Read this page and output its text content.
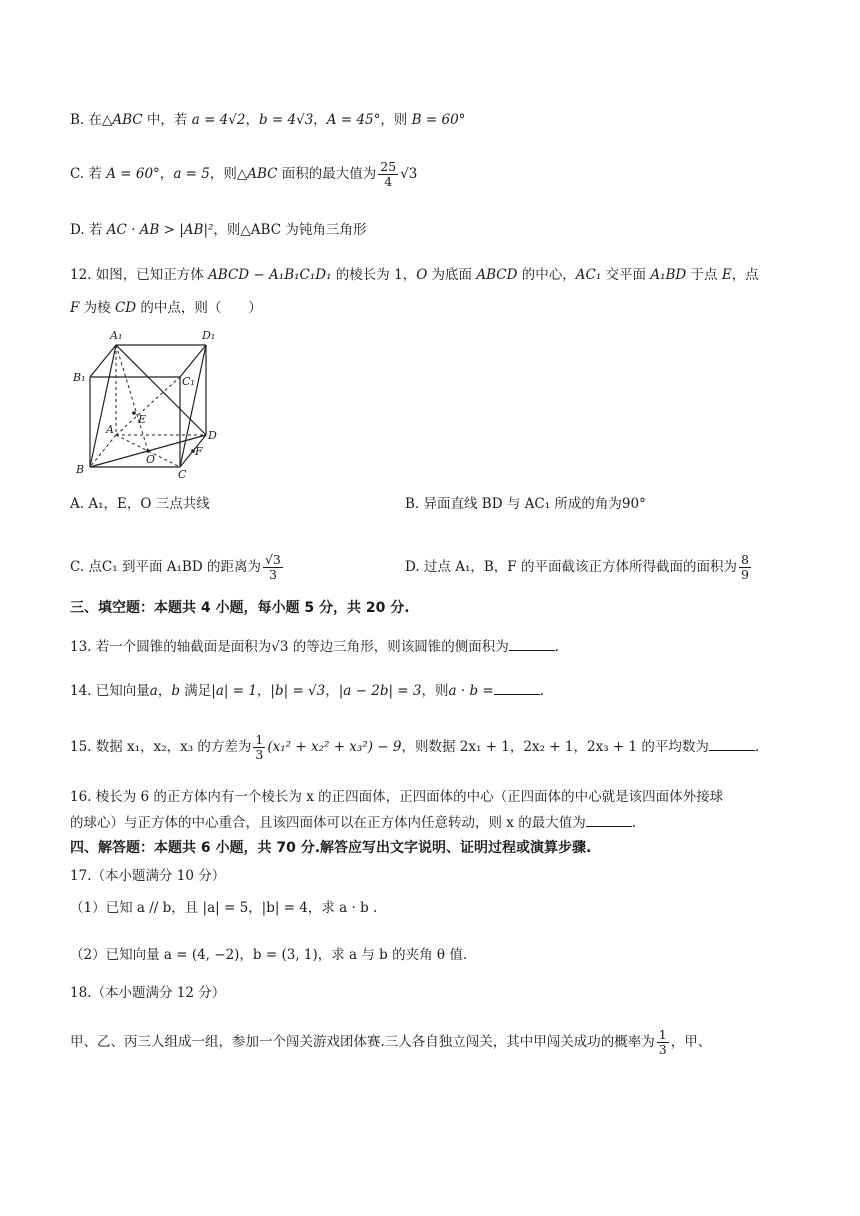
B. 在△ABC 中，若 a = 4√2，b = 4√3，A = 45°，则 B = 60°
C. 若 A = 60°，a = 5，则△ABC 面积的最大值为 $\frac{25}{4} √3$
D. 若 AC · AB > |AB|²，则△ABC 为钝角三角形
12. 如图，已知正方体 ABCD − A₁B₁C₁D₁ 的棱长为 1，O 为底面 ABCD 的中心，AC₁ 交平面 A₁BD 于点 E，点
F 为棱 CD 的中点，则（　　）
A₁	D₁
B₁	C₁
A
E
D
O
F
B	C
A. A₁，E，O 三点共线	B. 异面直线 BD 与 AC₁ 所成的角为90°
C. 点C₁ 到平面 A₁BD 的距离为 $\frac{√3}{3}$	D. 过点 A₁，B，F 的平面截该正方体所得截面的面积为 $\frac{8}{9}$
三、填空题：本题共 4 小题，每小题 5 分，共 20 分.
13. 若一个圆锥的轴截面是面积为√3 的等边三角形，则该圆锥的侧面积为	.
14. 已知向量a，b 满足|a| = 1，|b| = √3，|a − 2b| = 3，则a · b =	.
15. 数据 x₁，x₂，x₃ 的方差为 $\frac{1}{3} (x_1^2 + x_2^2 + x_3^2) - 9$，则数据 2x₁ + 1，2x₂ + 1，2x₃ + 1 的平均数为	.
16. 棱长为 6 的正方体内有一个棱长为 x 的正四面体，正四面体的中心（正四面体的中心就是该四面体外接球
的球心）与正方体的中心重合，且该四面体可以在正方体内任意转动，则 x 的最大值为	.
四、解答题：本题共 6 小题，共 70 分.解答应写出文字说明、证明过程或演算步骤.
17.（本小题满分 10 分）
（1）已知 a // b，且 |a| = 5，|b| = 4，求 a · b .
（2）已知向量 a = (4, −2)，b = (3, 1)，求 a 与 b 的夹角 θ 值.
18.（本小题满分 12 分）
甲、乙、丙三人组成一组，参加一个闯关游戏团体赛.三人各自独立闯关，其中甲闯关成功的概率为 $\frac{1}{3}$ ，甲、
